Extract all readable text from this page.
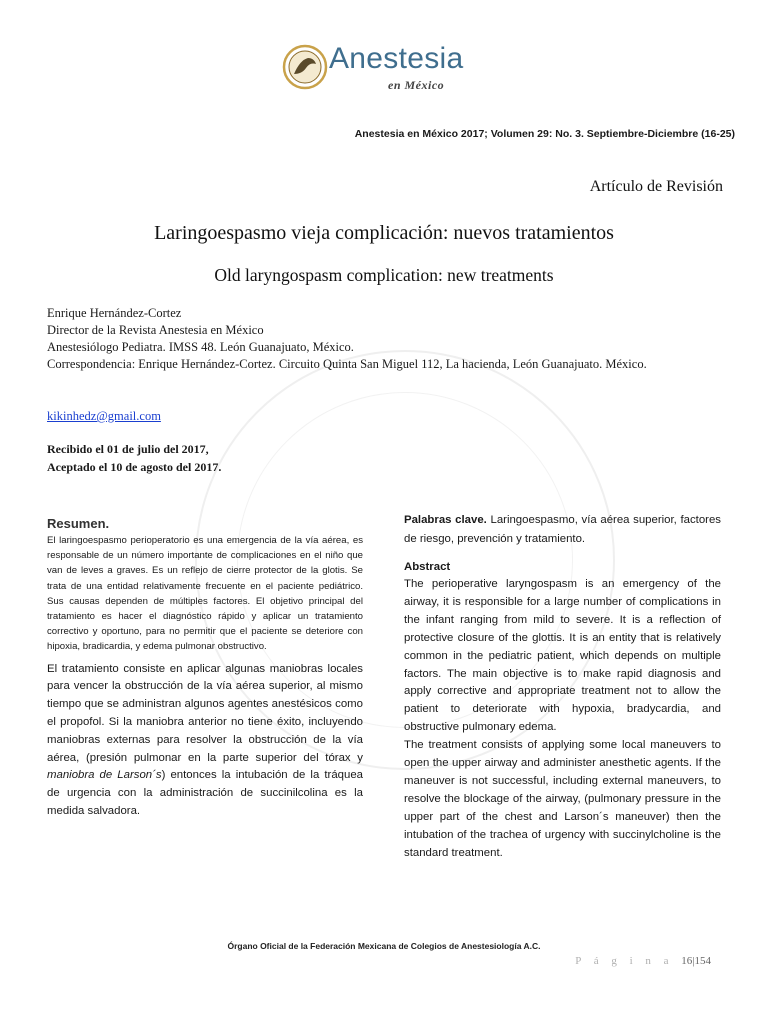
Anestesia

en México

Anestesia en México 2017; Volumen 29: No. 3. Septiembre-Diciembre (16-25)

Artículo de Revisión

Laringoespasmo vieja complicación: nuevos tratamientos

Old laryngospasm complication: new treatments

Enrique Hernández-Cortez

Director de la Revista Anestesia en México

Anestesiólogo Pediatra. IMSS 48. León Guanajuato, México.

Correspondencia: Enrique Hernández-Cortez. Circuito Quinta San Miguel 112, La hacienda, León Guanajuato. México.

kikinhedz@gmail.com

Recibido el 01 de julio del 2017,

Aceptado el 10 de agosto del 2017.

Resumen.

El laringoespasmo perioperatorio es una emergencia de la vía aérea, es responsable de un número importante de complicaciones en el niño que van de leves a graves. Es un reflejo de cierre protector de la glotis. Se trata de una entidad relativamente frecuente en el paciente pediátrico. Sus causas dependen de múltiples factores. El objetivo principal del tratamiento es hacer el diagnóstico rápido y aplicar un tratamiento correctivo y oportuno, para no permitir que el paciente se deteriore con hipoxia, bradicardia, y edema pulmonar obstructivo.

El tratamiento consiste en aplicar algunas maniobras locales para vencer la obstrucción de la vía aérea superior, al mismo tiempo que se administran algunos agentes anestésicos como el propofol. Si la maniobra anterior no tiene éxito, incluyendo maniobras externas para resolver la obstrucción de la vía aérea, (presión pulmonar en la parte superior del tórax y maniobra de Larson´s) entonces la intubación de la tráquea de urgencia con la administración de succinilcolina es la medida salvadora.

Palabras clave. Laringoespasmo, vía aérea superior, factores de riesgo, prevención y tratamiento.

Abstract

The perioperative laryngospasm is an emergency of the airway, it is responsible for a large number of complications in the infant ranging from mild to severe. It is a reflection of protective closure of the glottis. It is an entity that is relatively common in the pediatric patient, which depends on multiple factors. The main objective is to make rapid diagnosis and apply corrective and appropriate treatment not to allow the patient to deteriorate with hypoxia, bradycardia, and obstructive pulmonary edema.

The treatment consists of applying some local maneuvers to open the upper airway and administer anesthetic agents. If the maneuver is not successful, including external maneuvers, to resolve the blockage of the airway, (pulmonary pressure in the upper part of the chest and Larson´s maneuver) then the intubation of the trachea of urgency with succinylcholine is the standard treatment.

Órgano Oficial de la Federación Mexicana de Colegios de Anestesiología A.C.

P á g i n a 16|154
